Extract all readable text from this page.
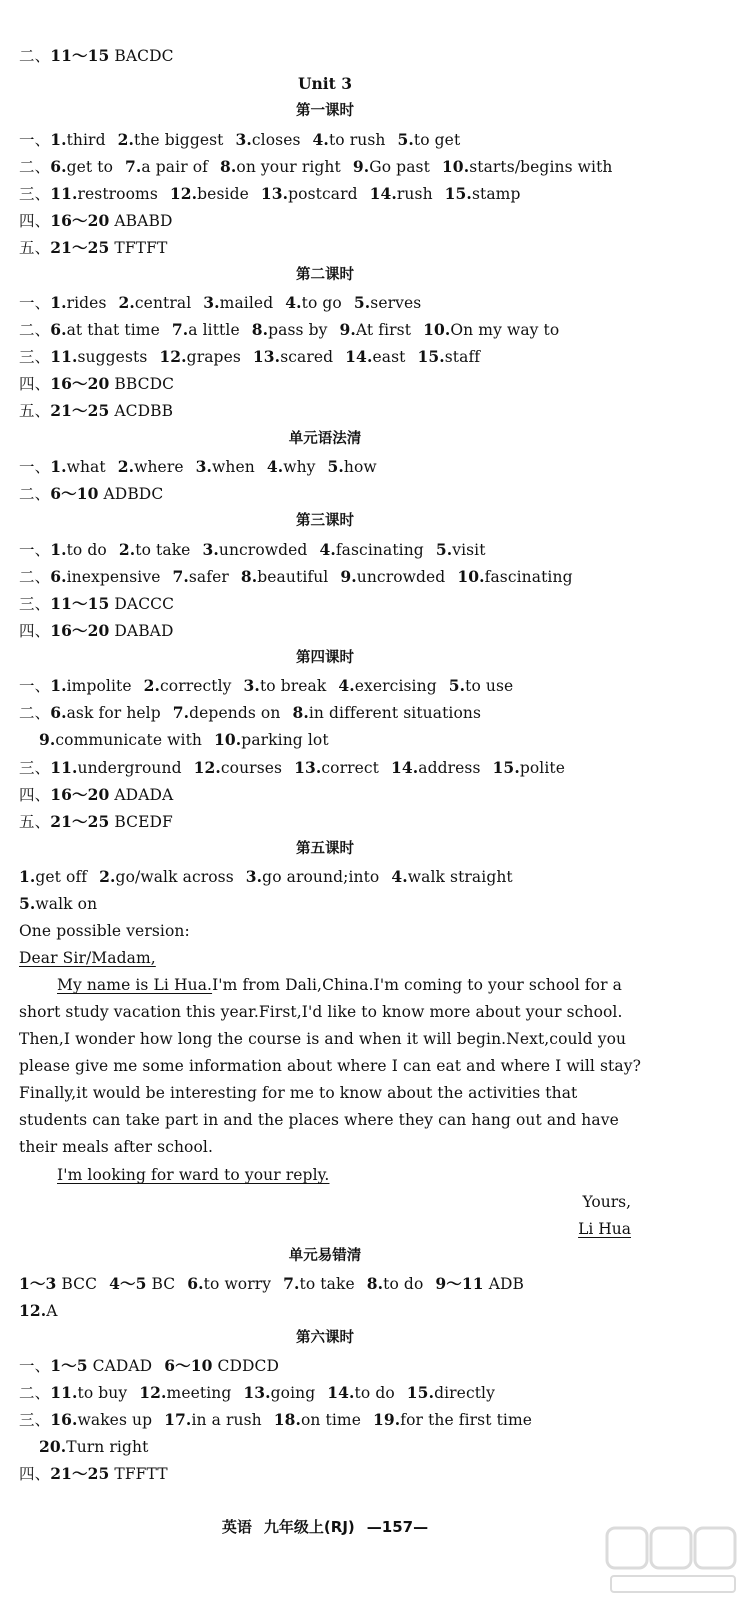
二、11～15 BACDC
Unit 3
第一课时
一、1.third 2.the biggest 3.closes 4.to rush 5.to get
二、6.get to 7.a pair of 8.on your right 9.Go past 10.starts/begins with
三、11.restrooms 12.beside 13.postcard 14.rush 15.stamp
四、16～20 ABABD
五、21～25 TFTFT
第二课时
一、1.rides 2.central 3.mailed 4.to go 5.serves
二、6.at that time 7.a little 8.pass by 9.At first 10.On my way to
三、11.suggests 12.grapes 13.scared 14.east 15.staff
四、16～20 BBCDC
五、21～25 ACDBB
单元语法清
一、1.what 2.where 3.when 4.why 5.how
二、6～10 ADBDC
第三课时
一、1.to do 2.to take 3.uncrowded 4.fascinating 5.visit
二、6.inexpensive 7.safer 8.beautiful 9.uncrowded 10.fascinating
三、11～15 DACCC
四、16～20 DABAD
第四课时
一、1.impolite 2.correctly 3.to break 4.exercising 5.to use
二、6.ask for help 7.depends on 8.in different situations
9.communicate with 10.parking lot
三、11.underground 12.courses 13.correct 14.address 15.polite
四、16～20 ADADA
五、21～25 BCEDF
第五课时
1.get off 2.go/walk across 3.go around;into 4.walk straight
5.walk on
One possible version:
Dear Sir/Madam,
My name is Li Hua.I'm from Dali,China.I'm coming to your school for a
short study vacation this year.First,I'd like to know more about your school.
Then,I wonder how long the course is and when it will begin.Next,could you
please give me some information about where I can eat and where I will stay?
Finally,it would be interesting for me to know about the activities that
students can take part in and the places where they can hang out and have
their meals after school.
I'm looking for ward to your reply.
Yours,
Li Hua
单元易错清
1～3 BCC 4～5 BC 6.to worry 7.to take 8.to do 9～11 ADB
12.A
第六课时
一、1～5 CADAD 6～10 CDDCD
二、11.to buy 12.meeting 13.going 14.to do 15.directly
三、16.wakes up 17.in a rush 18.on time 19.for the first time
20.Turn right
四、21～25 TFFTT
英语 九年级上(RJ) —157—
